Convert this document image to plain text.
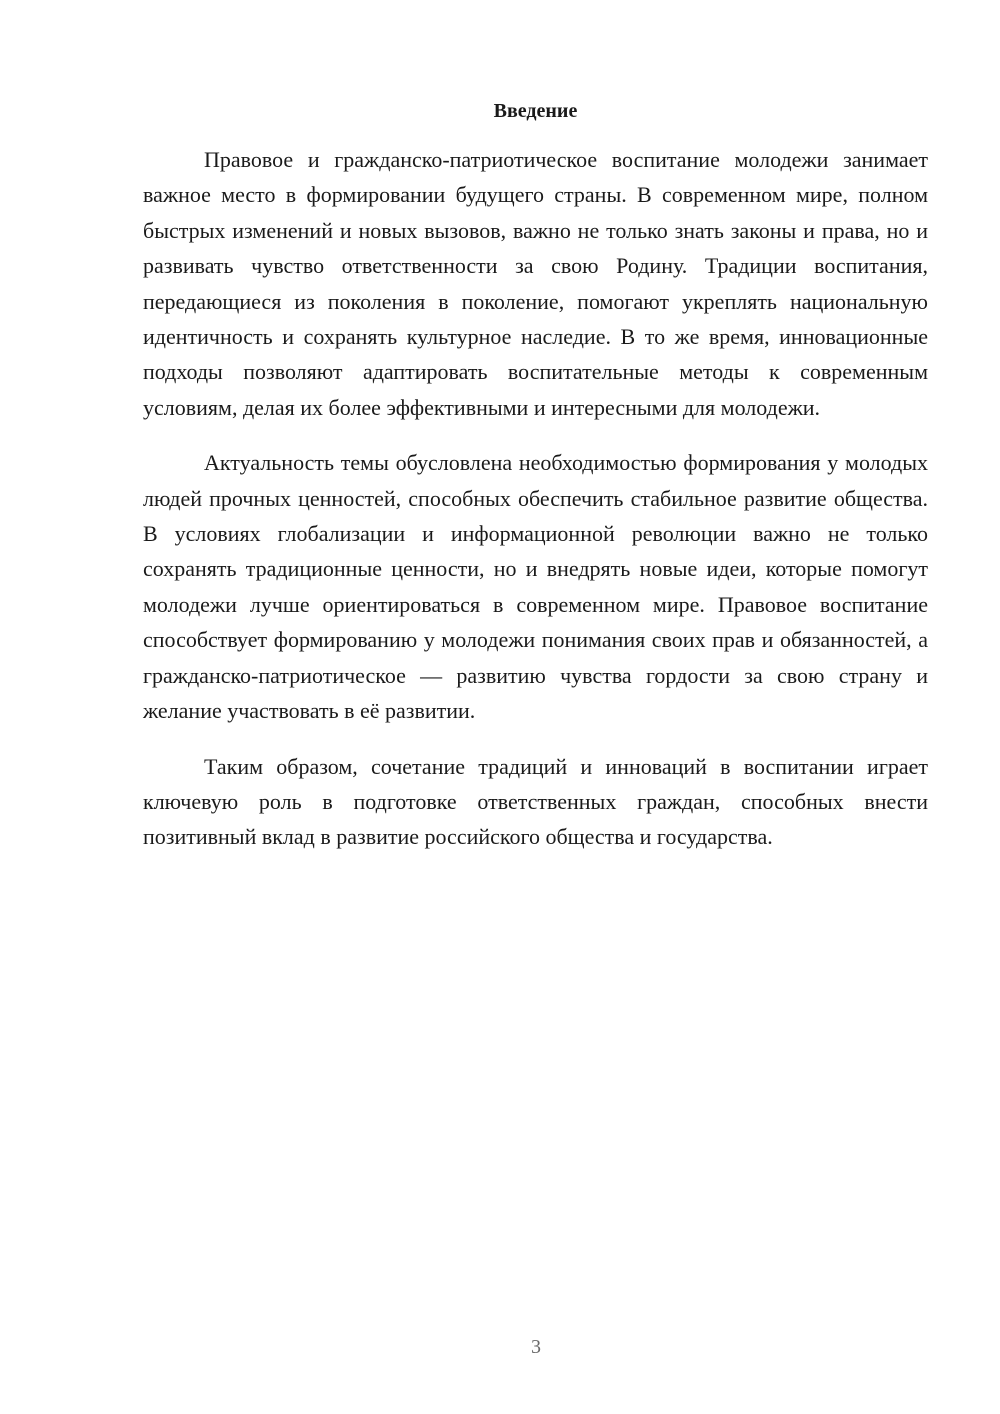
Введение

Правовое и гражданско-патриотическое воспитание молодежи занимает важное место в формировании будущего страны. В современном мире, полном быстрых изменений и новых вызовов, важно не только знать законы и права, но и развивать чувство ответственности за свою Родину. Традиции воспитания, передающиеся из поколения в поколение, помогают укреплять национальную идентичность и сохранять культурное наследие. В то же время, инновационные подходы позволяют адаптировать воспитательные методы к современным условиям, делая их более эффективными и интересными для молодежи.

Актуальность темы обусловлена необходимостью формирования у молодых людей прочных ценностей, способных обеспечить стабильное развитие общества. В условиях глобализации и информационной революции важно не только сохранять традиционные ценности, но и внедрять новые идеи, которые помогут молодежи лучше ориентироваться в современном мире. Правовое воспитание способствует формированию у молодежи понимания своих прав и обязанностей, а гражданско-патриотическое — развитию чувства гордости за свою страну и желание участвовать в её развитии.

Таким образом, сочетание традиций и инноваций в воспитании играет ключевую роль в подготовке ответственных граждан, способных внести позитивный вклад в развитие российского общества и государства.

3
